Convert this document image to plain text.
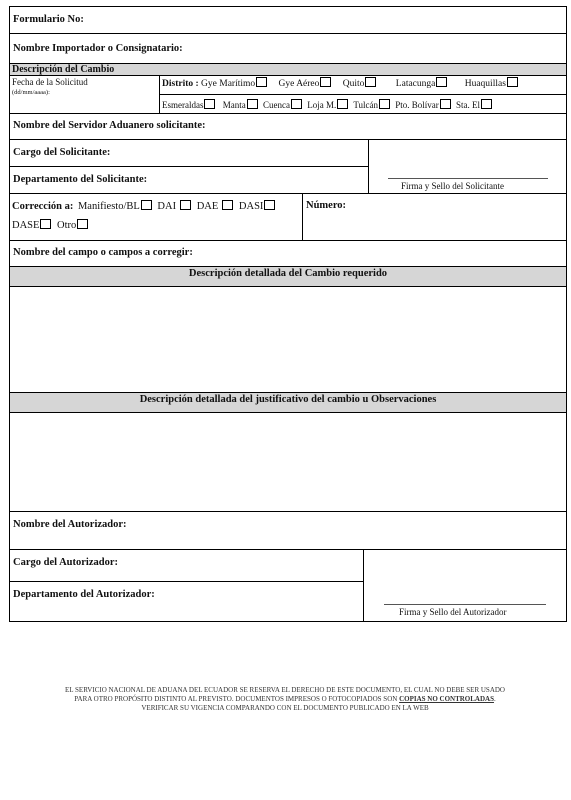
Formulario No:
Nombre Importador o Consignatario:
Descripción del Cambio
Fecha de la Solicitud
(dd/mm/aaaa):
Distrito : Gye Marítimo Gye Aéreo Quito	Latacunga	Huaquillas
Esmeraldas Manta Cuenca Loja M. Tulcán Pto. Bolívar Sta. El
Nombre del Servidor Aduanero solicitante:
Cargo del Solicitante:
Departamento del Solicitante:
Firma y Sello del Solicitante
Corrección a: Manifiesto/BL DAI DAE DASI
DASE Otro
Número:
Nombre del campo o campos a corregir:
Descripción detallada del Cambio requerido
Descripción detallada del justificativo del cambio u Observaciones
Nombre del Autorizador:
Cargo del Autorizador:
Departamento del Autorizador:
Firma y Sello del Autorizador
EL SERVICIO NACIONAL DE ADUANA DEL ECUADOR SE RESERVA EL DERECHO DE ESTE DOCUMENTO, EL CUAL NO DEBE SER USADO PARA OTRO PROPÓSITO DISTINTO AL PREVISTO. DOCUMENTOS IMPRESOS O FOTOCOPIADOS SON COPIAS NO CONTROLADAS. VERIFICAR SU VIGENCIA COMPARANDO CON EL DOCUMENTO PUBLICADO EN LA WEB
